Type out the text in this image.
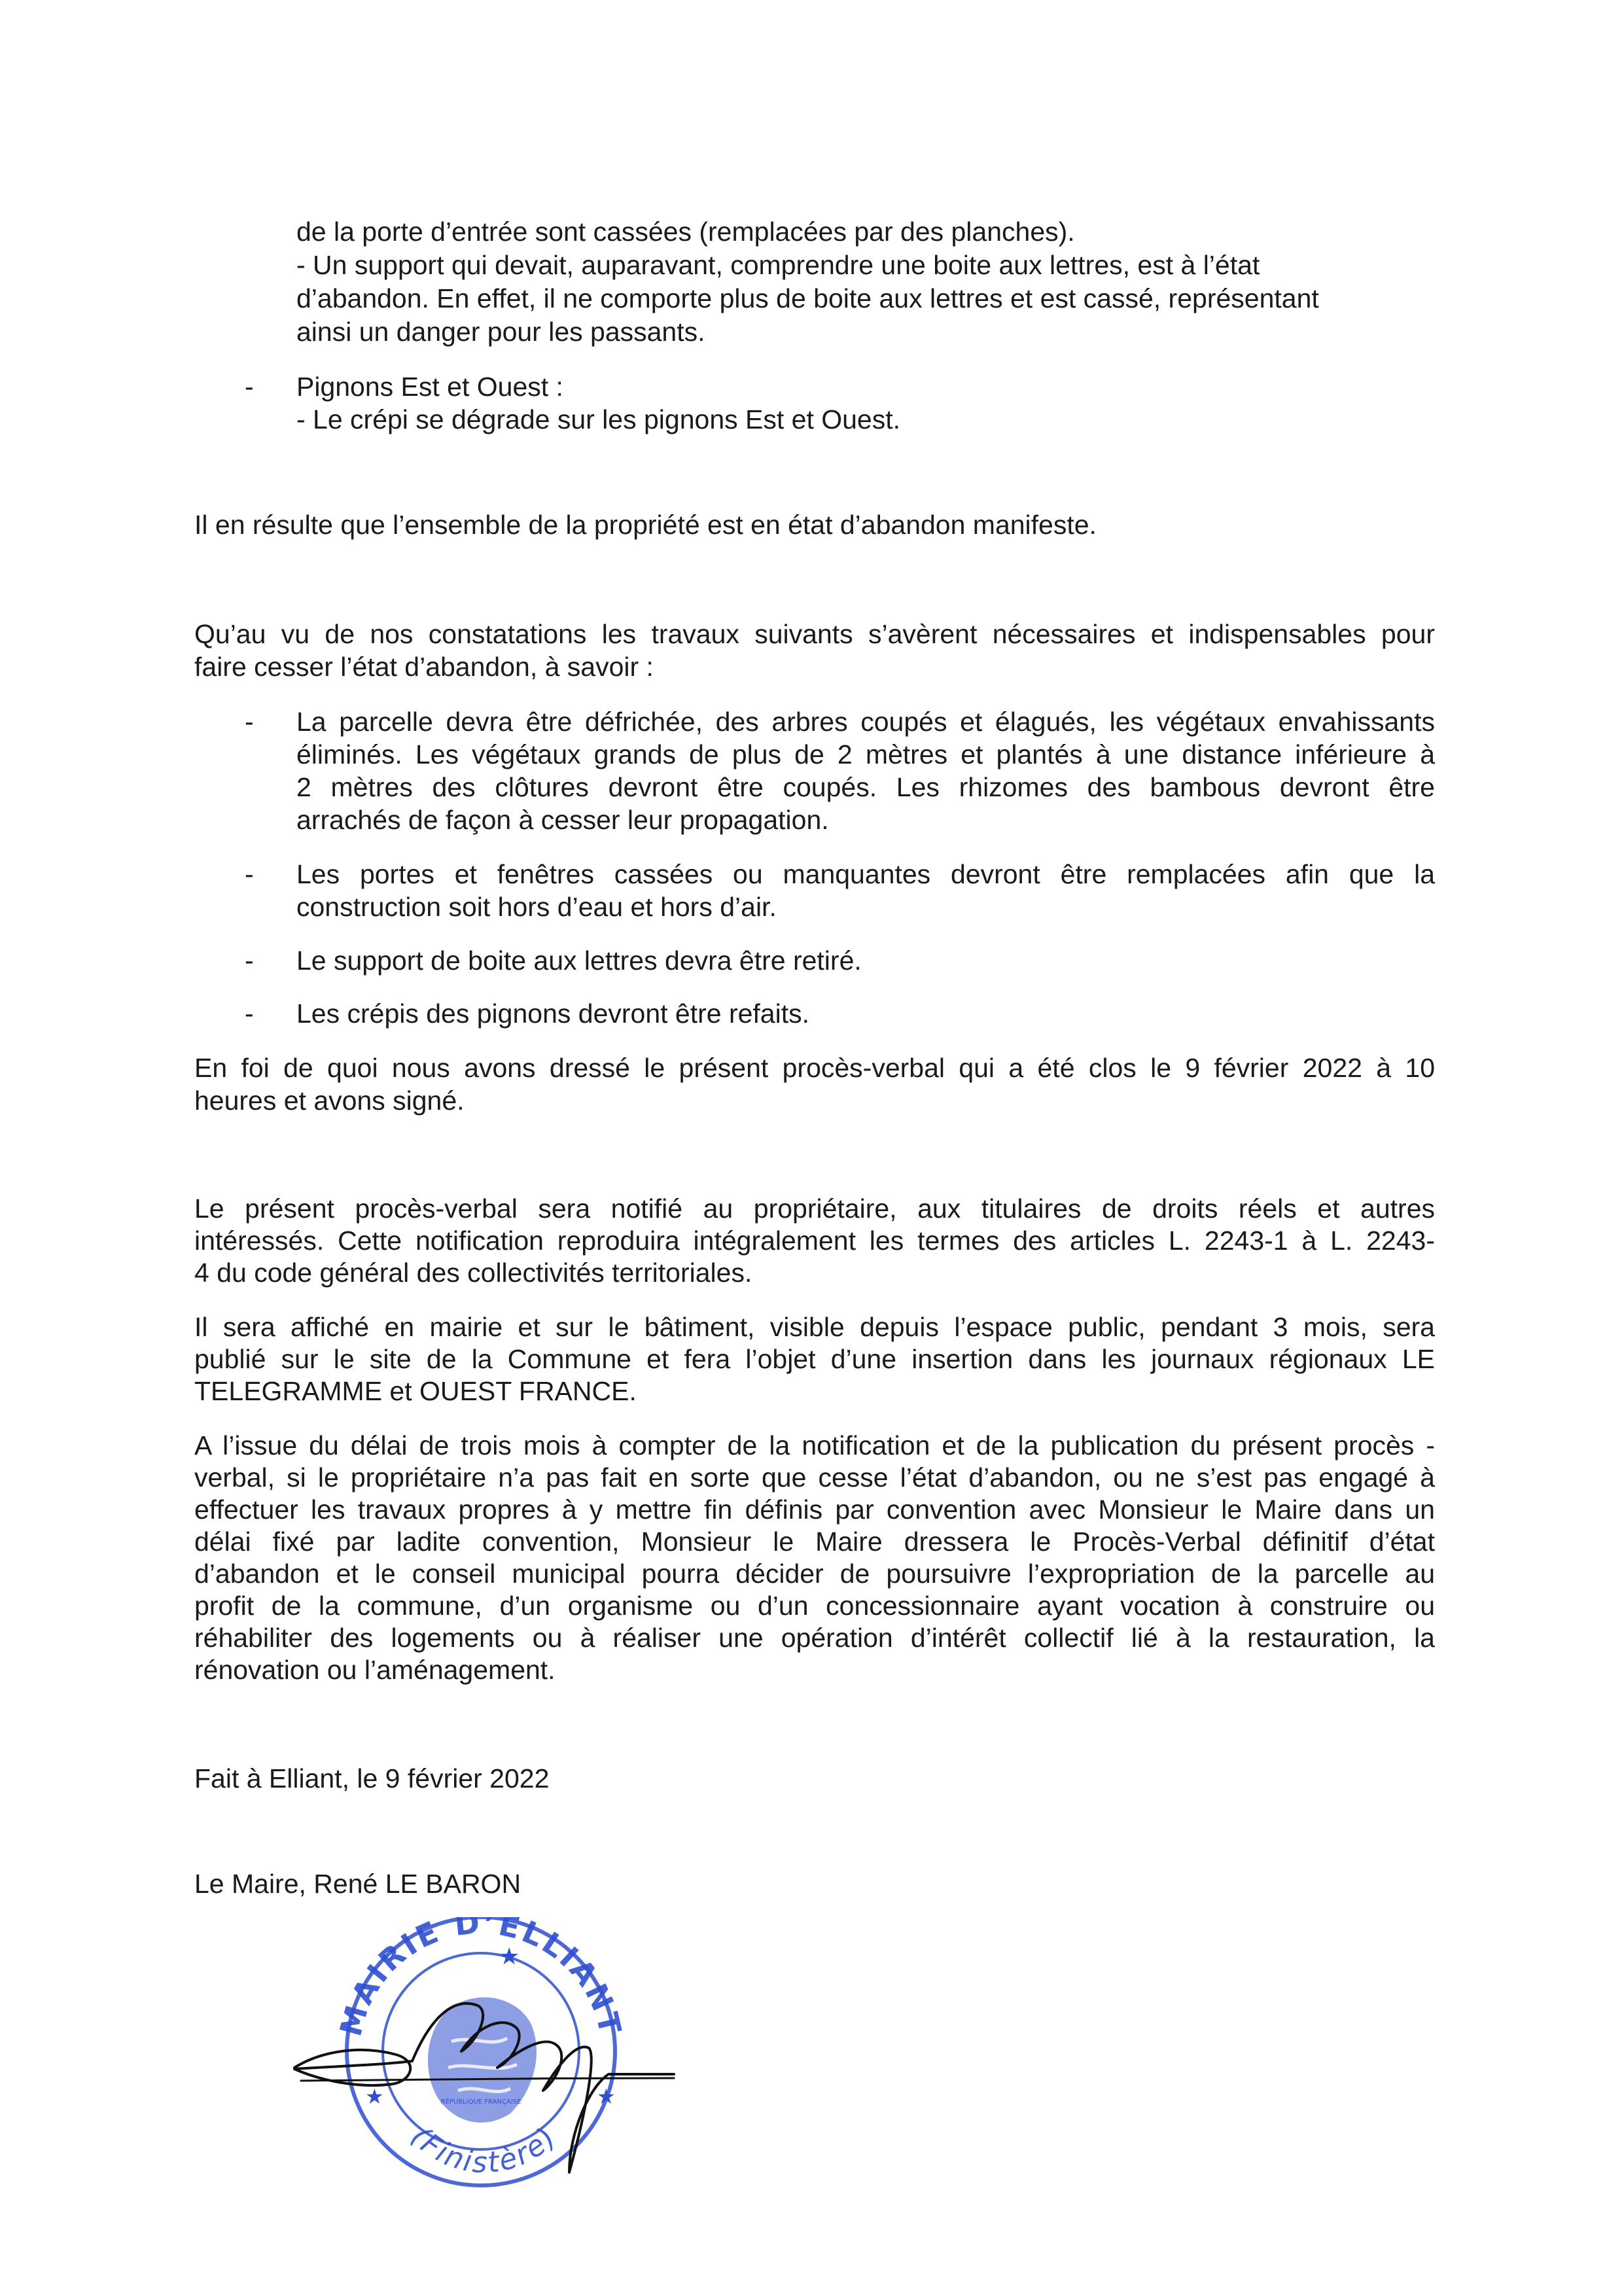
de la porte d’entrée sont cassées (remplacées par des planches).

- Un support qui devait, auparavant, comprendre une boite aux lettres, est à l’état

d’abandon. En effet, il ne comporte plus de boite aux lettres et est cassé, représentant

ainsi un danger pour les passants.

- Pignons Est et Ouest :

- Le crépi se dégrade sur les pignons Est et Ouest.

Il en résulte que l’ensemble de la propriété est en état d’abandon manifeste.

Qu’au vu de nos constatations les travaux suivants s’avèrent nécessaires et indispensables pour

faire cesser l’état d’abandon, à savoir :

- La parcelle devra être défrichée, des arbres coupés et élagués, les végétaux envahissants

éliminés. Les végétaux grands de plus de 2 mètres et plantés à une distance inférieure à

2 mètres des clôtures devront être coupés. Les rhizomes des bambous devront être

arrachés de façon à cesser leur propagation.

- Les portes et fenêtres cassées ou manquantes devront être remplacées afin que la

construction soit hors d’eau et hors d’air.

- Le support de boite aux lettres devra être retiré.

- Les crépis des pignons devront être refaits.

En foi de quoi nous avons dressé le présent procès-verbal qui a été clos le 9 février 2022 à 10

heures et avons signé.

Le présent procès-verbal sera notifié au propriétaire, aux titulaires de droits réels et autres

intéressés. Cette notification reproduira intégralement les termes des articles L. 2243-1 à L. 2243-

4 du code général des collectivités territoriales.

Il sera affiché en mairie et sur le bâtiment, visible depuis l’espace public, pendant 3 mois, sera

publié sur le site de la Commune et fera l’objet d’une insertion dans les journaux régionaux LE

TELEGRAMME et OUEST FRANCE.

A l’issue du délai de trois mois à compter de la notification et de la publication du présent procès -

verbal, si le propriétaire n’a pas fait en sorte que cesse l’état d’abandon, ou ne s’est pas engagé à

effectuer les travaux propres à y mettre fin définis par convention avec Monsieur le Maire dans un

délai fixé par ladite convention, Monsieur le Maire dressera le Procès-Verbal définitif d’état

d’abandon et le conseil municipal pourra décider de poursuivre l’expropriation de la parcelle au

profit de la commune, d’un organisme ou d’un concessionnaire ayant vocation à construire ou

réhabiliter des logements ou à réaliser une opération d’intérêt collectif lié à la restauration, la

rénovation ou l’aménagement.

Fait à Elliant, le 9 février 2022

Le Maire, René LE BARON

★
★	★
MAIRIE D’ELLIANT
(Finistère)
RÉPUBLIQUE FRANÇAISE
